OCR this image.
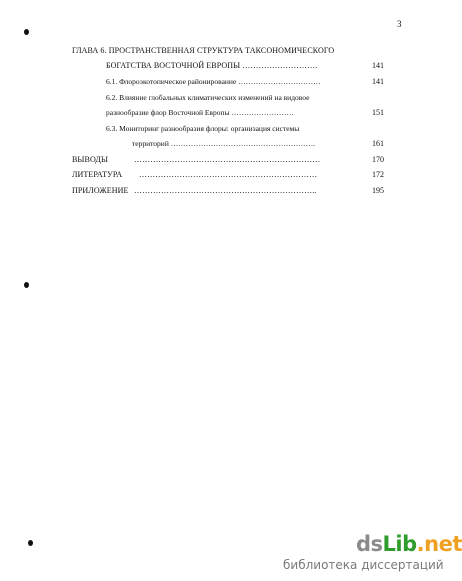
3
ГЛАВА 6. ПРОСТРАНСТВЕННАЯ СТРУКТУРА ТАКСОНОМИЧЕСКОГО
БОГАТСТВА ВОСТОЧНОЙ ЕВРОПЫ ……………………….	141
6.1. Флороэкотопическое районирование ……………………………	141
6.2. Влияние глобальных климатических изменений на видовое
разнообразие флор Восточной Европы …………………….	151
6.3. Мониторинг разнообразия флоры: организация системы
территорий ………………………………………………….	161
ВЫВОДЫ	……………………………………………………………	170
ЛИТЕРАТУРА …………………………………………………………	172
ПРИЛОЖЕНИЕ …………………………………………………………..	195
dsLib.net
библиотека диссертаций
